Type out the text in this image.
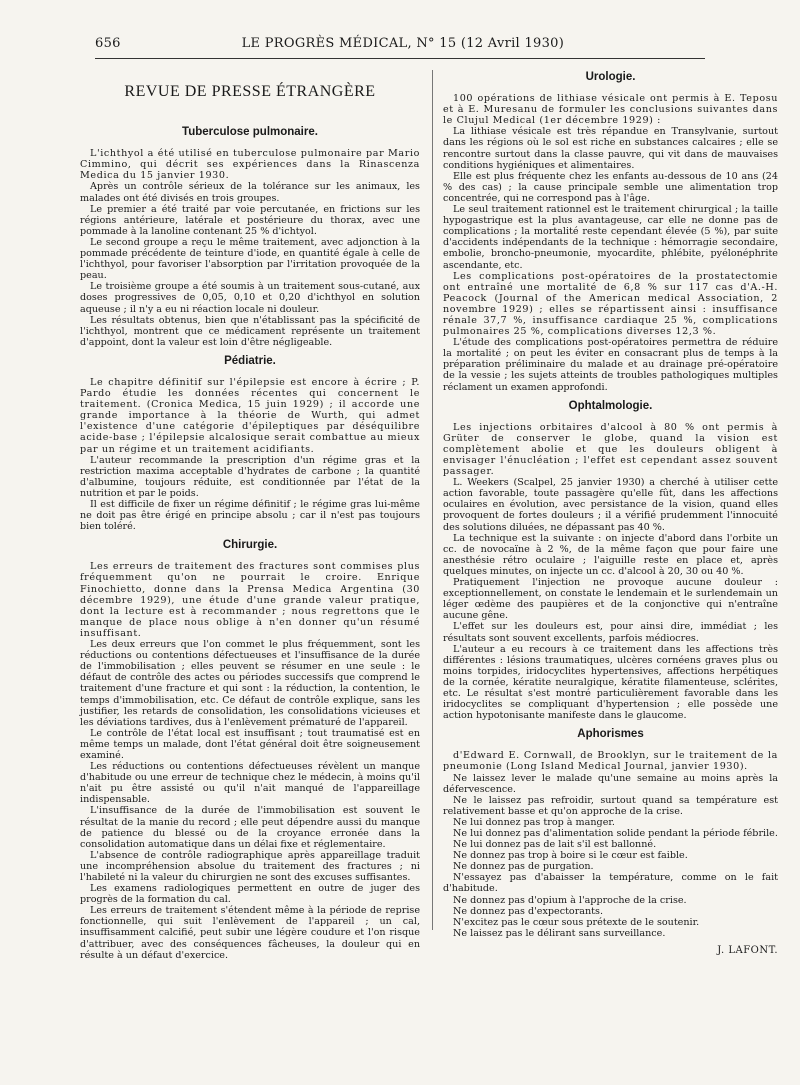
656	LE PROGRÈS MÉDICAL, N° 15 (12 Avril 1930)
REVUE DE PRESSE ÉTRANGÈRE
Tuberculose pulmonaire.

L'ichthyol a été utilisé en tuberculose pulmonaire par Mario Cimmino, qui décrit ses expériences dans la Rinascenza Medica du 15 janvier 1930.

Après un contrôle sérieux de la tolérance sur les animaux, les malades ont été divisés en trois groupes.

Le premier a été traité par voie percutanée, en frictions sur les régions antérieure, latérale et postérieure du thorax, avec une pommade à la lanoline contenant 25 % d'ichtyol.

Le second groupe a reçu le même traitement, avec adjonction à la pommade précédente de teinture d'iode, en quantité égale à celle de l'ichthyol, pour favoriser l'absorption par l'irritation provoquée de la peau.

Le troisième groupe a été soumis à un traitement sous-cutané, aux doses progressives de 0,05, 0,10 et 0,20 d'ichthyol en solution aqueuse ; il n'y a eu ni réaction locale ni douleur.

Les résultats obtenus, bien que n'établissant pas la spécificité de l'ichthyol, montrent que ce médicament représente un traitement d'appoint, dont la valeur est loin d'être négligeable.

Pédiatrie.

Le chapitre définitif sur l'épilepsie est encore à écrire ; P. Pardo étudie les données récentes qui concernent le traitement. (Cronica Medica, 15 juin 1929) ; il accorde une grande importance à la théorie de Wurth, qui admet l'existence d'une catégorie d'épileptiques par déséquilibre acide-base ; l'épilepsie alcalosique serait combattue au mieux par un régime et un traitement acidifiants.

L'auteur recommande la prescription d'un régime gras et la restriction maxima acceptable d'hydrates de carbone ; la quantité d'albumine, toujours réduite, est conditionnée par l'état de la nutrition et par le poids.

Il est difficile de fixer un régime définitif ; le régime gras lui-même ne doit pas être érigé en principe absolu ; car il n'est pas toujours bien toléré.

Chirurgie.

Les erreurs de traitement des fractures sont commises plus fréquemment qu'on ne pourrait le croire. Enrique Finochietto, donne dans la Prensa Medica Argentina (30 décembre 1929), une étude d'une grande valeur pratique, dont la lecture est à recommander ; nous regrettons que le manque de place nous oblige à n'en donner qu'un résumé insuffisant.

Les deux erreurs que l'on commet le plus fréquemment, sont les réductions ou contentions défectueuses et l'insuffisance de la durée de l'immobilisation ; elles peuvent se résumer en une seule : le défaut de contrôle des actes ou périodes successifs que comprend le traitement d'une fracture et qui sont : la réduction, la contention, le temps d'immobilisation, etc. Ce défaut de contrôle explique, sans les justifier, les retards de consolidation, les consolidations vicieuses et les déviations tardives, dus à l'enlèvement prématuré de l'appareil.

Le contrôle de l'état local est insuffisant ; tout traumatisé est en même temps un malade, dont l'état général doit être soigneusement examiné.

Les réductions ou contentions défectueuses révèlent un manque d'habitude ou une erreur de technique chez le médecin, à moins qu'il n'ait pu être assisté ou qu'il n'ait manqué de l'appareillage indispensable.

L'insuffisance de la durée de l'immobilisation est souvent le résultat de la manie du record ; elle peut dépendre aussi du manque de patience du blessé ou de la croyance erronée dans la consolidation automatique dans un délai fixe et réglementaire.

L'absence de contrôle radiographique après appareillage traduit une incompréhension absolue du traitement des fractures ; ni l'habileté ni la valeur du chirurgien ne sont des excuses suffisantes.

Les examens radiologiques permettent en outre de juger des progrès de la formation du cal.

Les erreurs de traitement s'étendent même à la période de reprise fonctionnelle, qui suit l'enlèvement de l'appareil ; un cal, insuffisamment calcifié, peut subir une légère coudure et l'on risque d'attribuer, avec des conséquences fâcheuses, la douleur qui en résulte à un défaut d'exercice.

Urologie.

100 opérations de lithiase vésicale ont permis à E. Teposu et à E. Muresanu de formuler les conclusions suivantes dans le Clujul Medical (1er décembre 1929) :

La lithiase vésicale est très répandue en Transylvanie, surtout dans les régions où le sol est riche en substances calcaires ; elle se rencontre surtout dans la classe pauvre, qui vit dans de mauvaises conditions hygiéniques et alimentaires.

Elle est plus fréquente chez les enfants au-dessous de 10 ans (24 % des cas) ; la cause principale semble une alimentation trop concentrée, qui ne correspond pas à l'âge.

Le seul traitement rationnel est le traitement chirurgical ; la taille hypogastrique est la plus avantageuse, car elle ne donne pas de complications ; la mortalité reste cependant élevée (5 %), par suite d'accidents indépendants de la technique : hémorragie secondaire, embolie, broncho-pneumonie, myocardite, phlébite, pyélonéphrite ascendante, etc.

Les complications post-opératoires de la prostatectomie ont entraîné une mortalité de 6,8 % sur 117 cas d'A.-H. Peacock (Journal of the American medical Association, 2 novembre 1929) ; elles se répartissent ainsi : insuffisance rénale 37,7 %, insuffisance cardiaque 25 %, complications pulmonaires 25 %, complications diverses 12,3 %.

L'étude des complications post-opératoires permettra de réduire la mortalité ; on peut les éviter en consacrant plus de temps à la préparation préliminaire du malade et au drainage pré-opératoire de la vessie ; les sujets atteints de troubles pathologiques multiples réclament un examen approfondi.

Ophtalmologie.

Les injections orbitaires d'alcool à 80 % ont permis à Grüter de conserver le globe, quand la vision est complètement abolie et que les douleurs obligent à envisager l'énucléation ; l'effet est cependant assez souvent passager.

L. Weekers (Scalpel, 25 janvier 1930) a cherché à utiliser cette action favorable, toute passagère qu'elle fût, dans les affections oculaires en évolution, avec persistance de la vision, quand elles provoquent de fortes douleurs ; il a vérifié prudemment l'innocuité des solutions diluées, ne dépassant pas 40 %.

La technique est la suivante : on injecte d'abord dans l'orbite un cc. de novocaïne à 2 %, de la même façon que pour faire une anesthésie rétro oculaire ; l'aiguille reste en place et, après quelques minutes, on injecte un cc. d'alcool à 20, 30 ou 40 %.

Pratiquement l'injection ne provoque aucune douleur : exceptionnellement, on constate le lendemain et le surlendemain un léger œdème des paupières et de la conjonctive qui n'entraîne aucune gêne.

L'effet sur les douleurs est, pour ainsi dire, immédiat ; les résultats sont souvent excellents, parfois médiocres.

L'auteur a eu recours à ce traitement dans les affections très différentes : lésions traumatiques, ulcères cornéens graves plus ou moins torpides, iridocyclites hypertensives, affections herpétiques de la cornée, kératite neuralgique, kératite filamenteuse, sclérites, etc. Le résultat s'est montré particulièrement favorable dans les iridocyclites se compliquant d'hypertension ; elle possède une action hypotonisante manifeste dans le glaucome.

Aphorismes

d'Edward E. Cornwall, de Brooklyn, sur le traitement de la pneumonie (Long Island Medical Journal, janvier 1930).

Ne laissez lever le malade qu'une semaine au moins après la défervescence.

Ne le laissez pas refroidir, surtout quand sa température est relativement basse et qu'on approche de la crise.

Ne lui donnez pas trop à manger.

Ne lui donnez pas d'alimentation solide pendant la période fébrile.

Ne lui donnez pas de lait s'il est ballonné.

Ne donnez pas trop à boire si le cœur est faible.

Ne donnez pas de purgation.

N'essayez pas d'abaisser la température, comme on le fait d'habitude.

Ne donnez pas d'opium à l'approche de la crise.

Ne donnez pas d'expectorants.

N'excitez pas le cœur sous prétexte de le soutenir.

Ne laissez pas le délirant sans surveillance.

J. LAFONT.
